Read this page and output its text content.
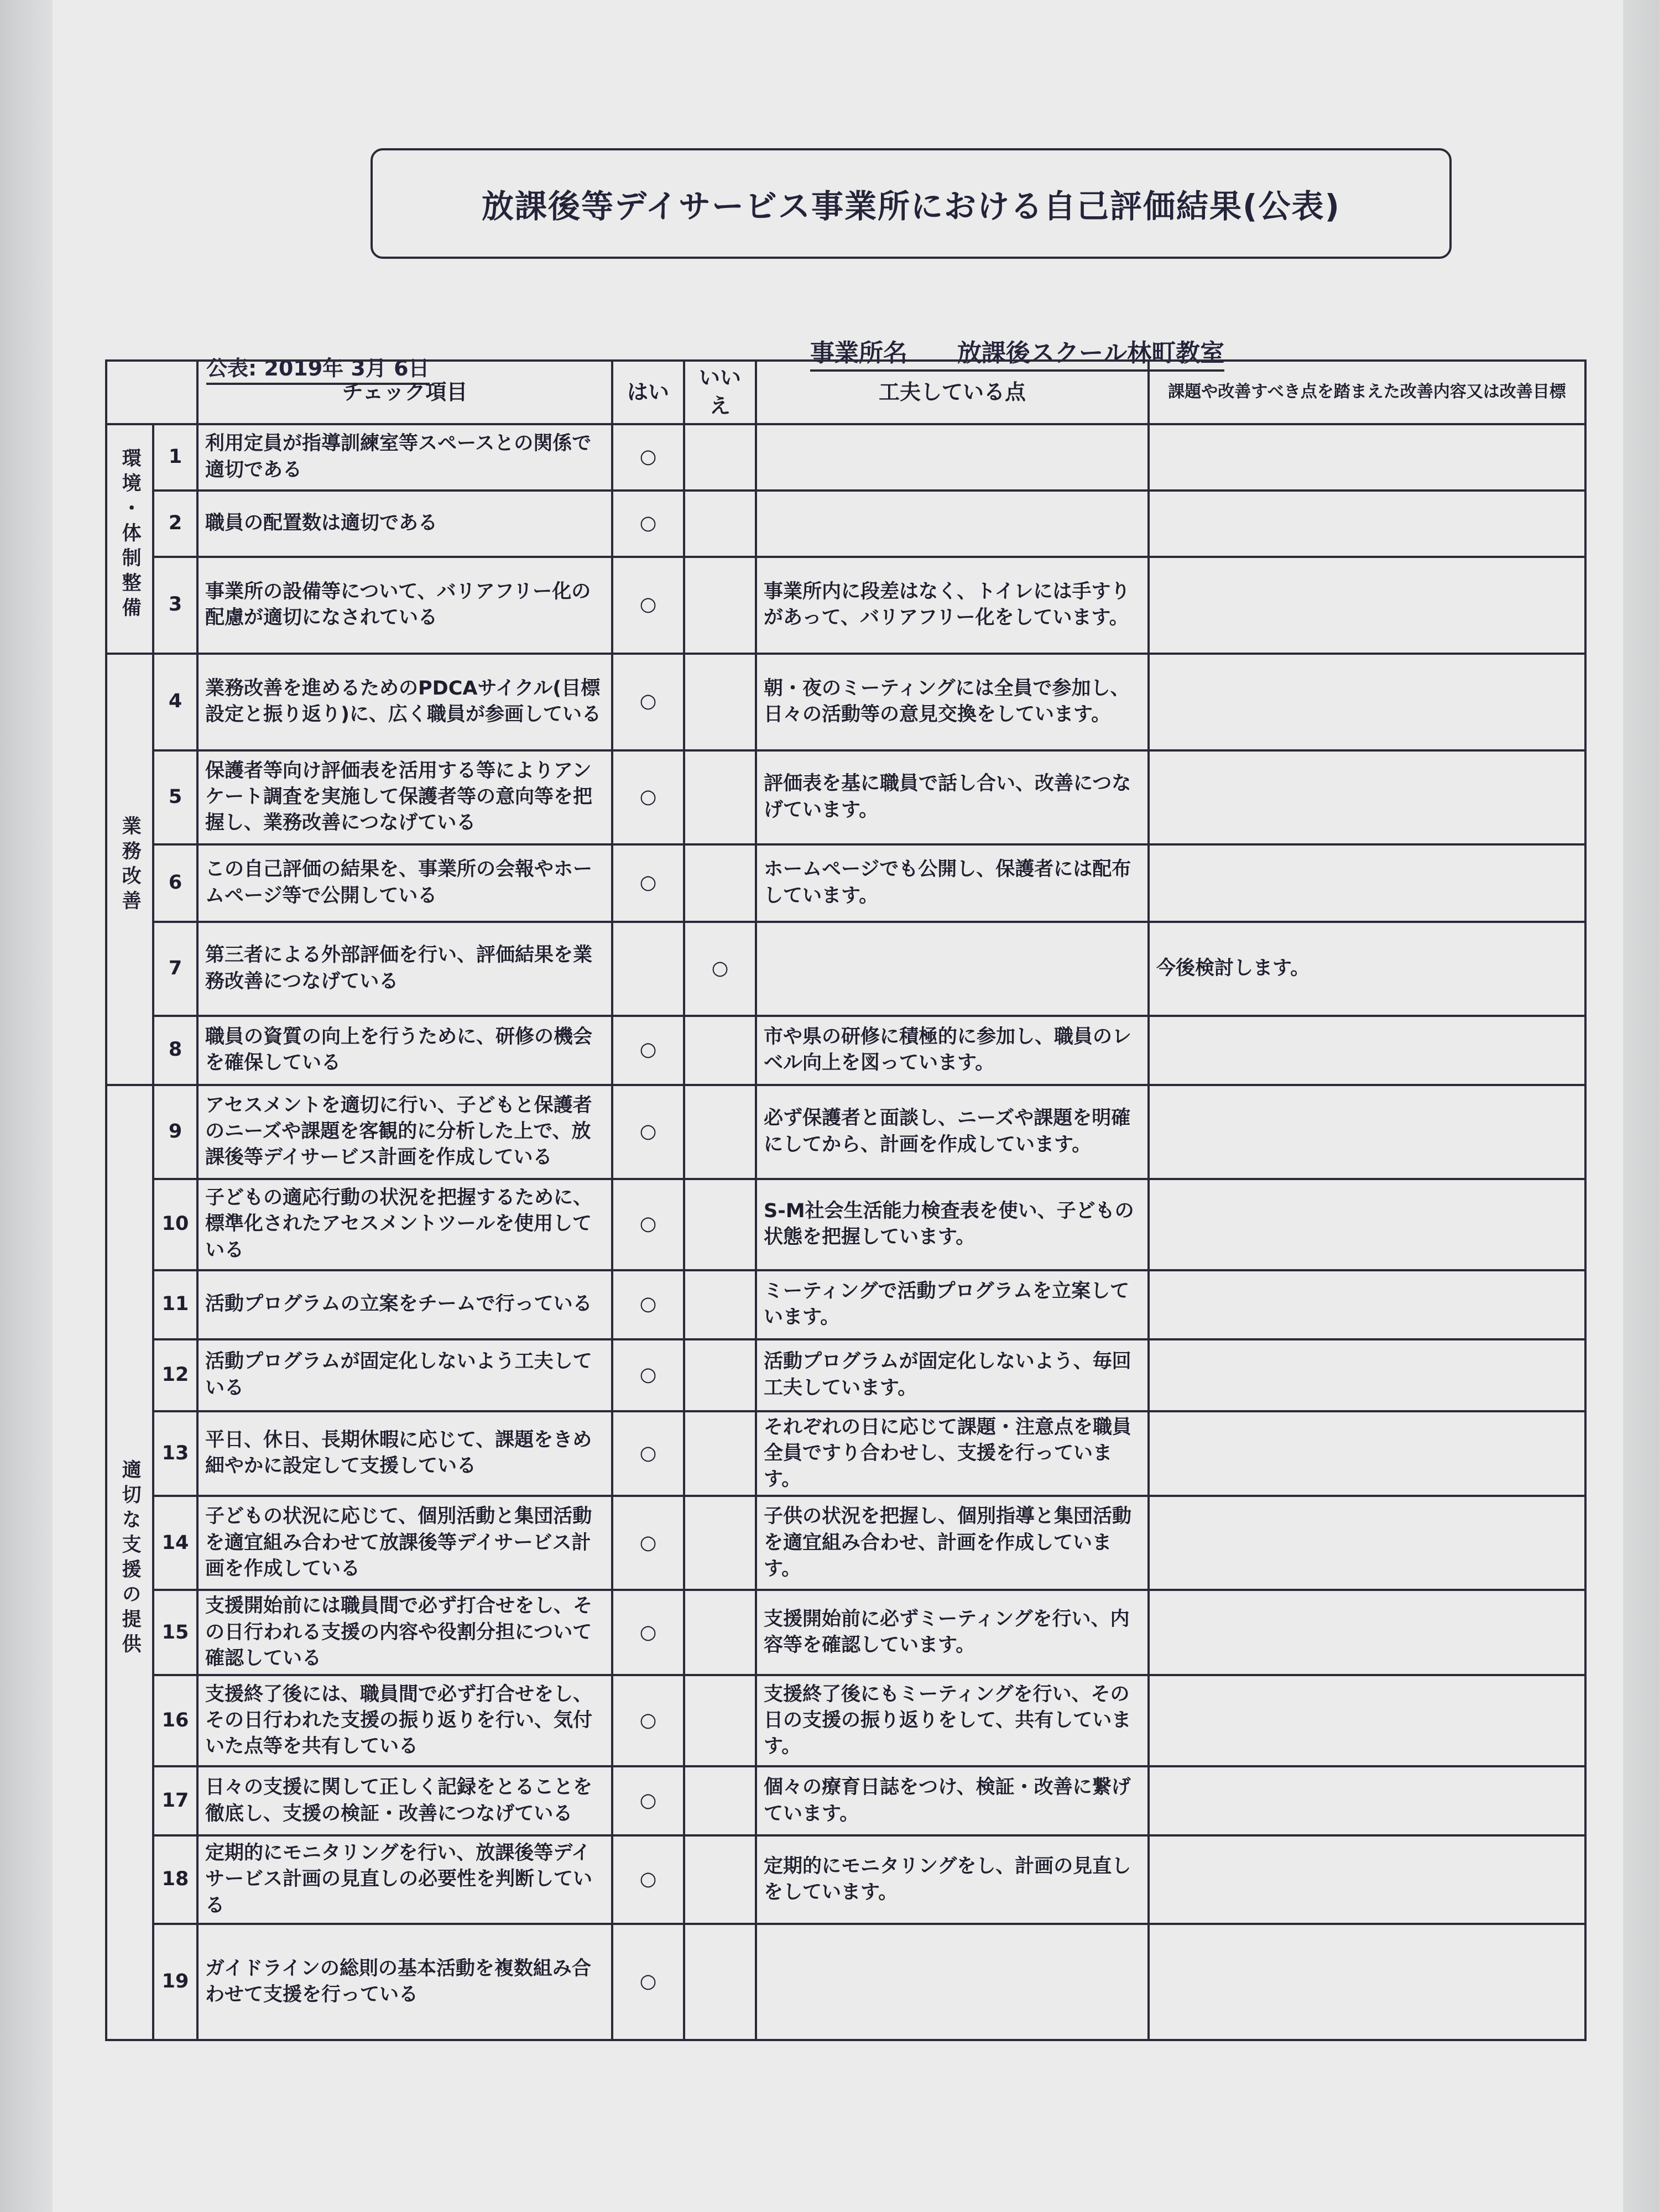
放課後等デイサービス事業所における自己評価結果(公表)
公表: 2019年 3月 6日
事業所名 放課後スクール林町教室
		チェック項目	はい	いいえ	工夫している点	課題や改善すべき点を踏まえた改善内容又は改善目標
環境・体制整備	1	利用定員が指導訓練室等スペースとの関係で適切である	○			
	2	職員の配置数は適切である	○			
	3	事業所の設備等について、バリアフリー化の配慮が適切になされている	○		事業所内に段差はなく、トイレには手すりがあって、バリアフリー化をしています。	
業務改善	4	業務改善を進めるためのPDCAサイクル(目標設定と振り返り)に、広く職員が参画している	○		朝・夜のミーティングには全員で参加し、日々の活動等の意見交換をしています。	
	5	保護者等向け評価表を活用する等によりアンケート調査を実施して保護者等の意向等を把握し、業務改善につなげている	○		評価表を基に職員で話し合い、改善につなげています。	
	6	この自己評価の結果を、事業所の会報やホームページ等で公開している	○		ホームページでも公開し、保護者には配布しています。	
	7	第三者による外部評価を行い、評価結果を業務改善につなげている		○		今後検討します。
	8	職員の資質の向上を行うために、研修の機会を確保している	○		市や県の研修に積極的に参加し、職員のレベル向上を図っています。	
適切な支援の提供	9	アセスメントを適切に行い、子どもと保護者のニーズや課題を客観的に分析した上で、放課後等デイサービス計画を作成している	○		必ず保護者と面談し、ニーズや課題を明確にしてから、計画を作成しています。	
	10	子どもの適応行動の状況を把握するために、標準化されたアセスメントツールを使用している	○		S-M社会生活能力検査表を使い、子どもの状態を把握しています。	
	11	活動プログラムの立案をチームで行っている	○		ミーティングで活動プログラムを立案しています。	
	12	活動プログラムが固定化しないよう工夫している	○		活動プログラムが固定化しないよう、毎回工夫しています。	
	13	平日、休日、長期休暇に応じて、課題をきめ細やかに設定して支援している	○		それぞれの日に応じて課題・注意点を職員全員ですり合わせし、支援を行っています。	
	14	子どもの状況に応じて、個別活動と集団活動を適宜組み合わせて放課後等デイサービス計画を作成している	○		子供の状況を把握し、個別指導と集団活動を適宜組み合わせ、計画を作成しています。	
	15	支援開始前には職員間で必ず打合せをし、その日行われる支援の内容や役割分担について確認している	○		支援開始前に必ずミーティングを行い、内容等を確認しています。	
	16	支援終了後には、職員間で必ず打合せをし、その日行われた支援の振り返りを行い、気付いた点等を共有している	○		支援終了後にもミーティングを行い、その日の支援の振り返りをして、共有しています。	
	17	日々の支援に関して正しく記録をとることを徹底し、支援の検証・改善につなげている	○		個々の療育日誌をつけ、検証・改善に繋げています。	
	18	定期的にモニタリングを行い、放課後等デイサービス計画の見直しの必要性を判断している	○		定期的にモニタリングをし、計画の見直しをしています。	
	19	ガイドラインの総則の基本活動を複数組み合わせて支援を行っている	○			
